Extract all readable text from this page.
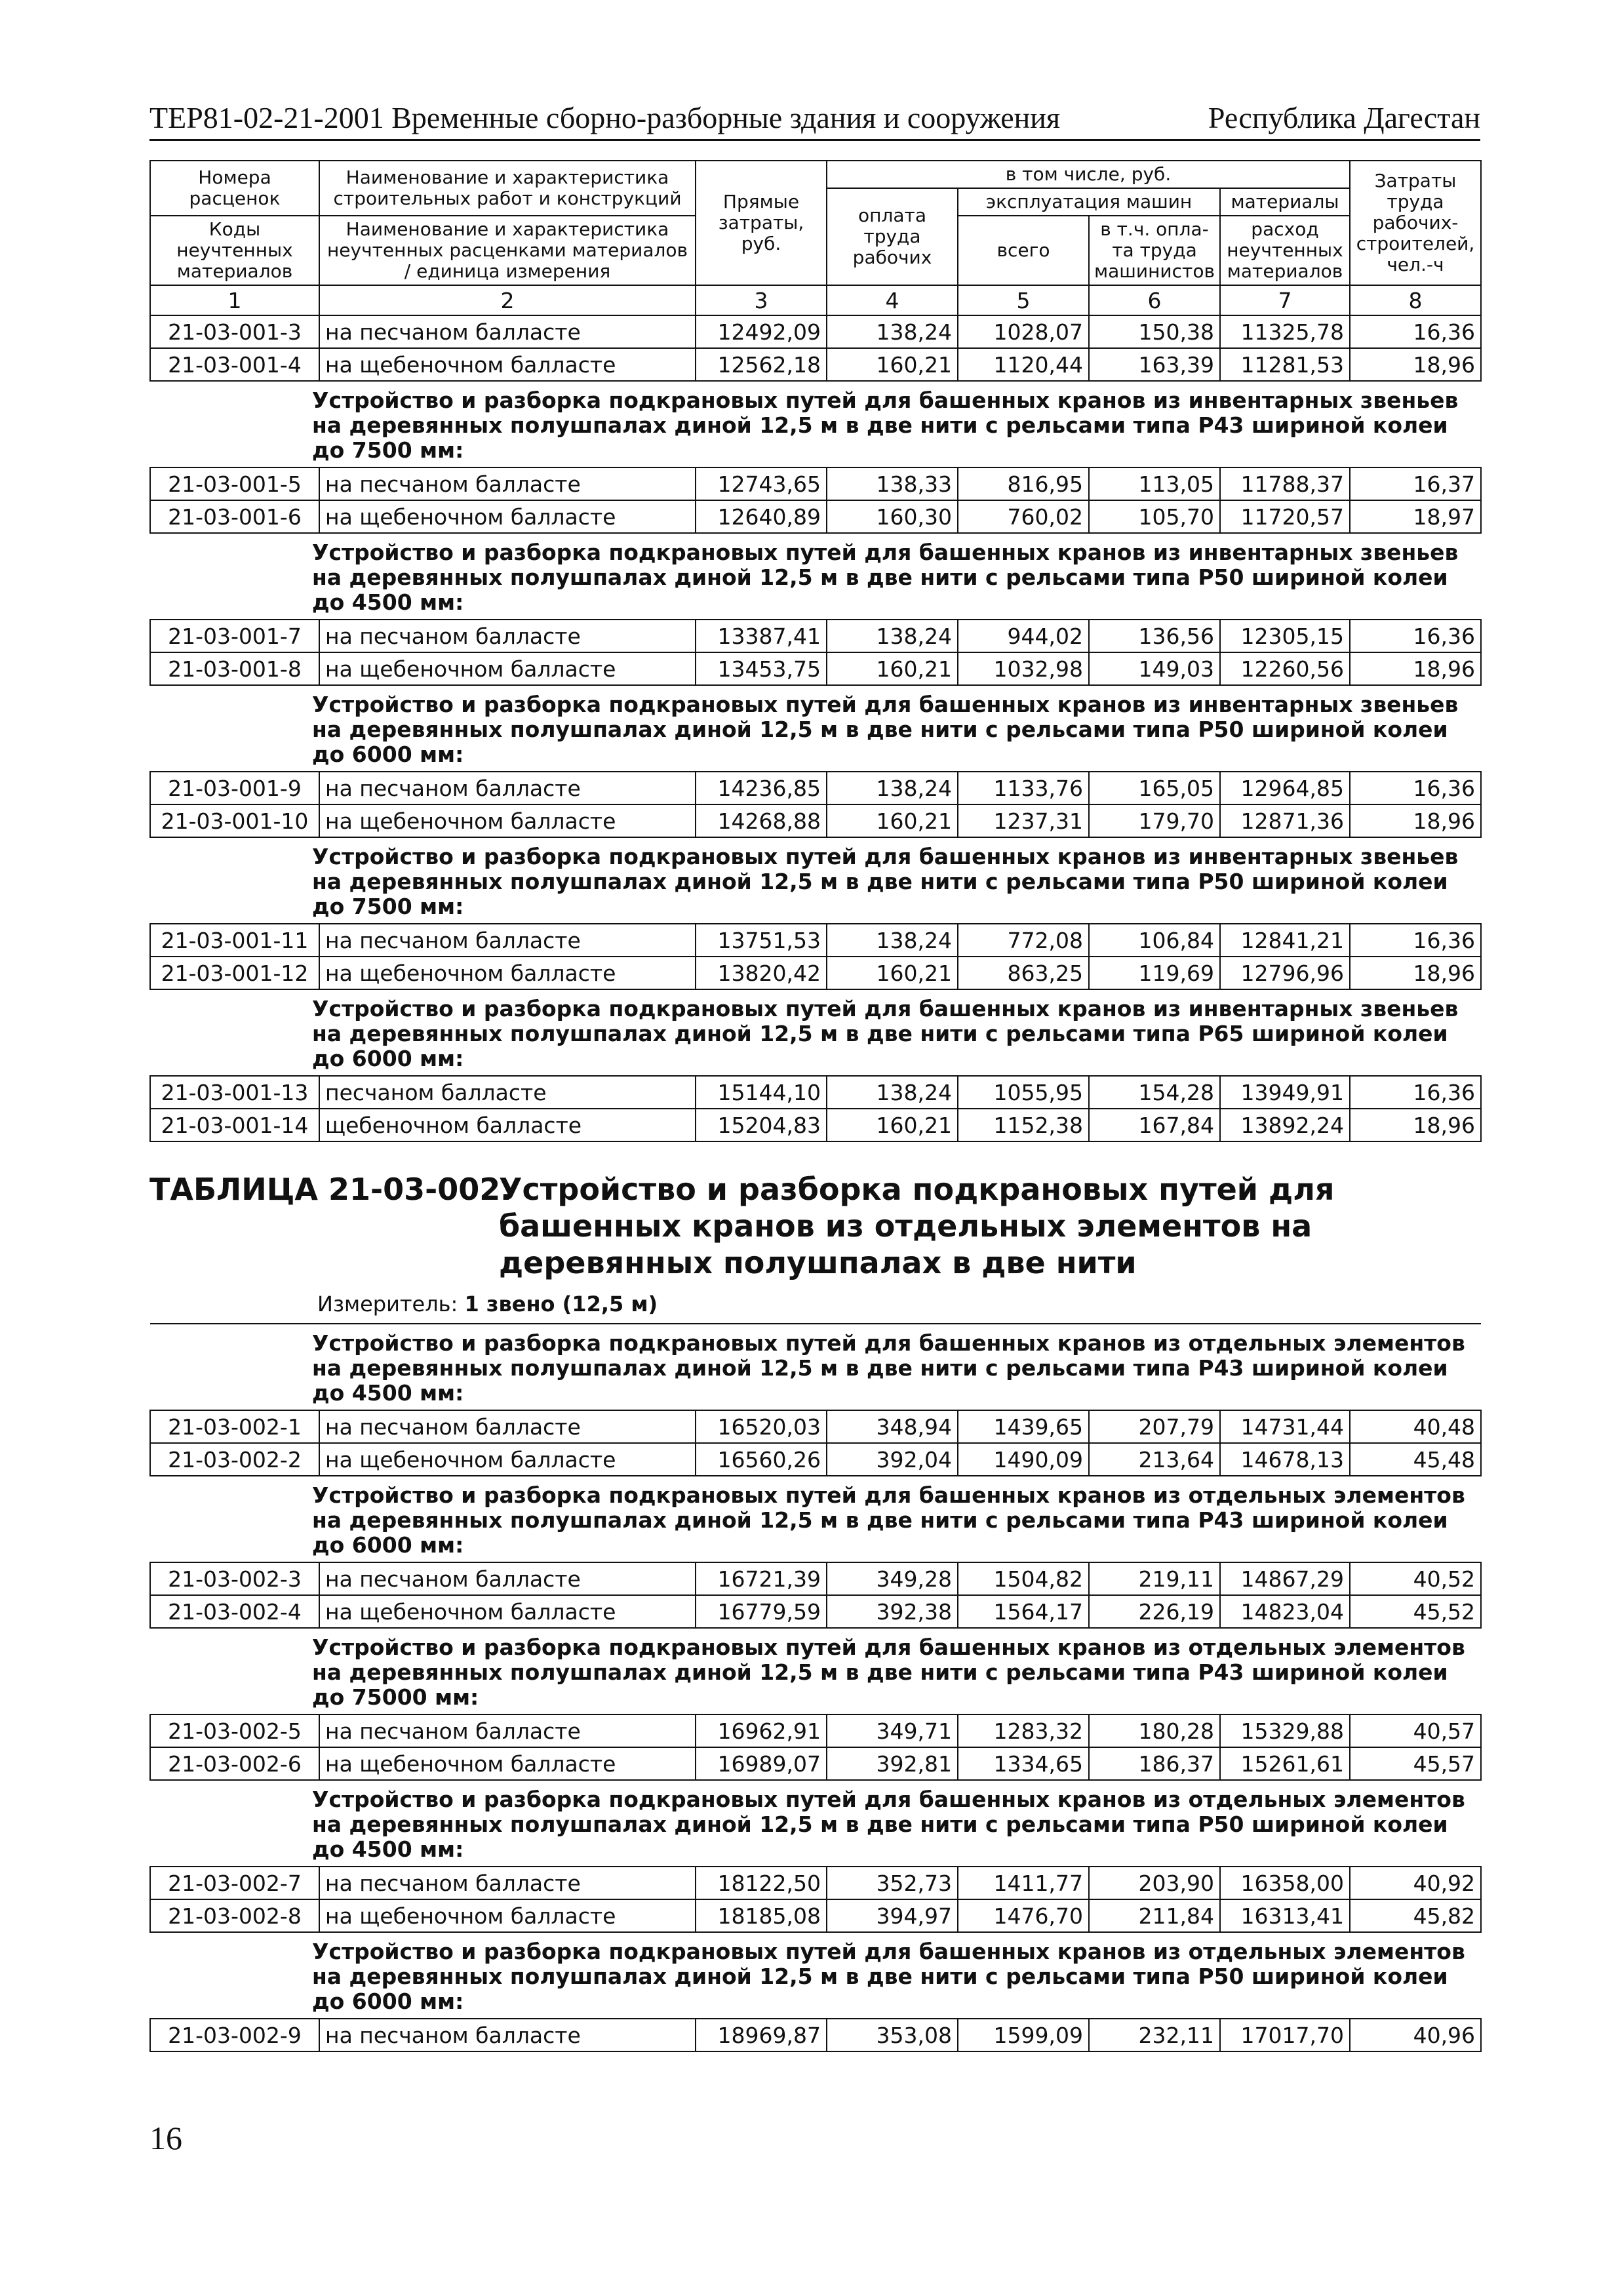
ТЕР81-02-21-2001 Временные сборно-разборные здания и сооружения	Республика Дагестан
Номера расценок	Наименование и характеристика строительных работ и конструкций	Прямые затраты, руб.	в том числе, руб.				Затраты труда рабочих-строителей, чел.-ч
			оплата труда рабочих	эксплуатация машин		материалы	
Коды неучтенных материалов	Наименование и характеристика неучтенных расценками материалов / единица измерения			всего	в т.ч. опла-та труда машинистов	расход неучтенных материалов	

1	2	3	4	5	6	7	8
21-03-001-3	на песчаном балласте	12492,09	138,24	1028,07	150,38	11325,78	16,36
21-03-001-4	на щебеночном балласте	12562,18	160,21	1120,44	163,39	11281,53	18,96
Устройство и разборка подкрановых путей для башенных кранов из инвентарных звеньев на деревянных полушпалах диной 12,5 м в две нити с рельсами типа Р43 шириной колеи до 7500 мм:							
21-03-001-5	на песчаном балласте	12743,65	138,33	816,95	113,05	11788,37	16,37
21-03-001-6	на щебеночном балласте	12640,89	160,30	760,02	105,70	11720,57	18,97
Устройство и разборка подкрановых путей для башенных кранов из инвентарных звеньев на деревянных полушпалах диной 12,5 м в две нити с рельсами типа Р50 шириной колеи до 4500 мм:							
21-03-001-7	на песчаном балласте	13387,41	138,24	944,02	136,56	12305,15	16,36
21-03-001-8	на щебеночном балласте	13453,75	160,21	1032,98	149,03	12260,56	18,96
Устройство и разборка подкрановых путей для башенных кранов из инвентарных звеньев на деревянных полушпалах диной 12,5 м в две нити с рельсами типа Р50 шириной колеи до 6000 мм:							
21-03-001-9	на песчаном балласте	14236,85	138,24	1133,76	165,05	12964,85	16,36
21-03-001-10	на щебеночном балласте	14268,88	160,21	1237,31	179,70	12871,36	18,96
Устройство и разборка подкрановых путей для башенных кранов из инвентарных звеньев на деревянных полушпалах диной 12,5 м в две нити с рельсами типа Р50 шириной колеи до 7500 мм:							
21-03-001-11	на песчаном балласте	13751,53	138,24	772,08	106,84	12841,21	16,36
21-03-001-12	на щебеночном балласте	13820,42	160,21	863,25	119,69	12796,96	18,96
Устройство и разборка подкрановых путей для башенных кранов из инвентарных звеньев на деревянных полушпалах диной 12,5 м в две нити с рельсами типа Р65 шириной колеи до 6000 мм:							
21-03-001-13	песчаном балласте	15144,10	138,24	1055,95	154,28	13949,91	16,36
21-03-001-14	щебеночном балласте	15204,83	160,21	1152,38	167,84	13892,24	18,96
ТАБЛИЦА 21-03-002.
Устройство и разборка подкрановых путей для башенных кранов из отдельных элементов на деревянных полушпалах в две нити
Измеритель: 1 звено (12,5 м)
Устройство и разборка подкрановых путей для башенных кранов из отдельных элементов на деревянных полушпалах диной 12,5 м в две нити с рельсами типа Р43 шириной колеи до 4500 мм:							
21-03-002-1	на песчаном балласте	16520,03	348,94	1439,65	207,79	14731,44	40,48
21-03-002-2	на щебеночном балласте	16560,26	392,04	1490,09	213,64	14678,13	45,48
Устройство и разборка подкрановых путей для башенных кранов из отдельных элементов на деревянных полушпалах диной 12,5 м в две нити с рельсами типа Р43 шириной колеи до 6000 мм:							
21-03-002-3	на песчаном балласте	16721,39	349,28	1504,82	219,11	14867,29	40,52
21-03-002-4	на щебеночном балласте	16779,59	392,38	1564,17	226,19	14823,04	45,52
Устройство и разборка подкрановых путей для башенных кранов из отдельных элементов на деревянных полушпалах диной 12,5 м в две нити с рельсами типа Р43 шириной колеи до 75000 мм:							
21-03-002-5	на песчаном балласте	16962,91	349,71	1283,32	180,28	15329,88	40,57
21-03-002-6	на щебеночном балласте	16989,07	392,81	1334,65	186,37	15261,61	45,57
Устройство и разборка подкрановых путей для башенных кранов из отдельных элементов на деревянных полушпалах диной 12,5 м в две нити с рельсами типа Р50 шириной колеи до 4500 мм:							
21-03-002-7	на песчаном балласте	18122,50	352,73	1411,77	203,90	16358,00	40,92
21-03-002-8	на щебеночном балласте	18185,08	394,97	1476,70	211,84	16313,41	45,82
Устройство и разборка подкрановых путей для башенных кранов из отдельных элементов на деревянных полушпалах диной 12,5 м в две нити с рельсами типа Р50 шириной колеи до 6000 мм:							
21-03-002-9	на песчаном балласте	18969,87	353,08	1599,09	232,11	17017,70	40,96
16
